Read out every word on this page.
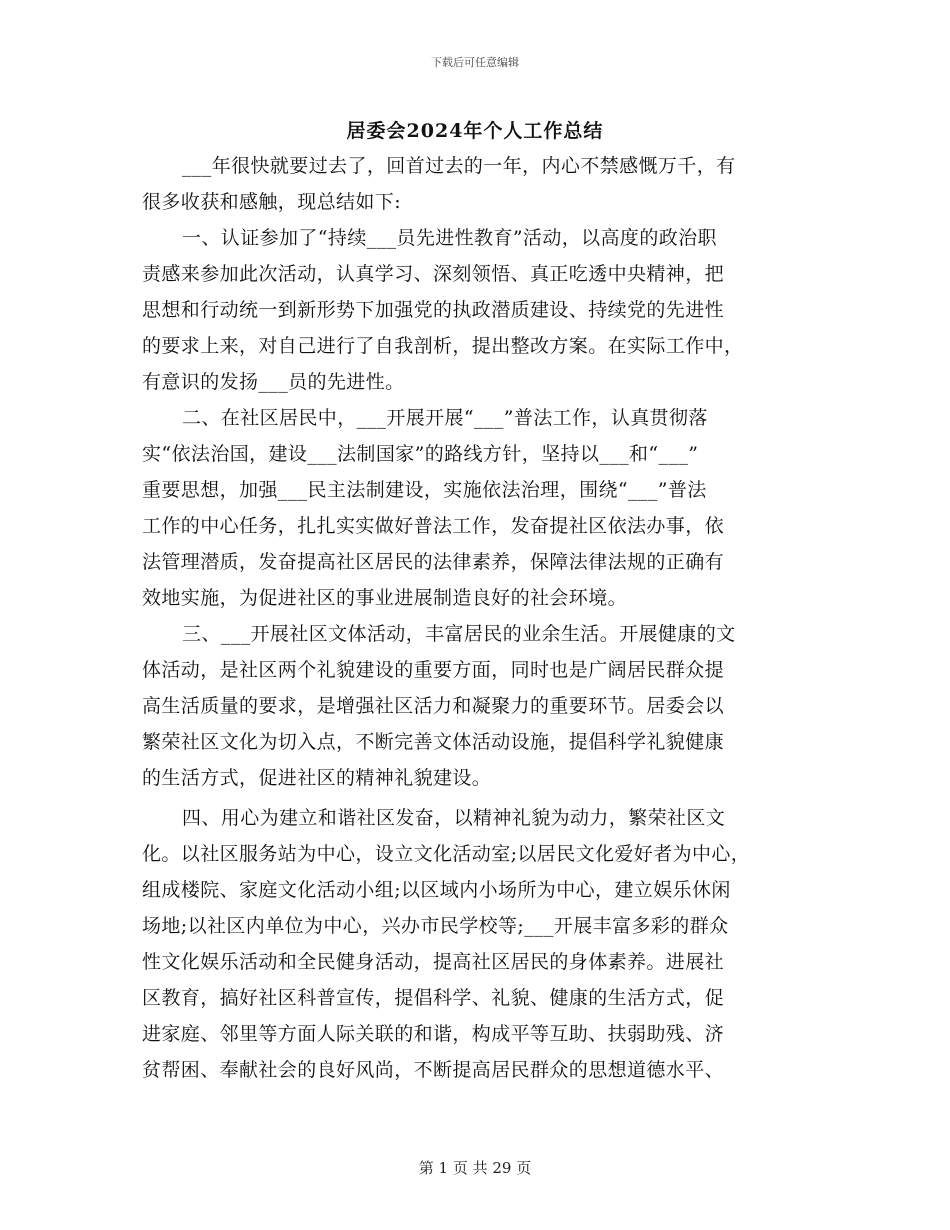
下载后可任意编辑
居委会2024年个人工作总结
___年很快就要过去了，回首过去的一年，内心不禁感慨万千，有
很多收获和感触，现总结如下:
一、认证参加了“持续___员先进性教育”活动，以高度的政治职
责感来参加此次活动，认真学习、深刻领悟、真正吃透中央精神，把
思想和行动统一到新形势下加强党的执政潜质建设、持续党的先进性
的要求上来，对自己进行了自我剖析，提出整改方案。在实际工作中，
有意识的发扬___员的先进性。
二、在社区居民中，___开展开展“___”普法工作，认真贯彻落
实“依法治国，建设___法制国家”的路线方针，坚持以___和“___”
重要思想，加强___民主法制建设，实施依法治理，围绕“___”普法
工作的中心任务，扎扎实实做好普法工作，发奋提社区依法办事，依
法管理潜质，发奋提高社区居民的法律素养，保障法律法规的正确有
效地实施，为促进社区的事业进展制造良好的社会环境。
三、___开展社区文体活动，丰富居民的业余生活。开展健康的文
体活动，是社区两个礼貌建设的重要方面，同时也是广阔居民群众提
高生活质量的要求，是增强社区活力和凝聚力的重要环节。居委会以
繁荣社区文化为切入点，不断完善文体活动设施，提倡科学礼貌健康
的生活方式，促进社区的精神礼貌建设。
四、用心为建立和谐社区发奋，以精神礼貌为动力，繁荣社区文
化。以社区服务站为中心，设立文化活动室;以居民文化爱好者为中心，
组成楼院、家庭文化活动小组;以区域内小场所为中心，建立娱乐休闲
场地;以社区内单位为中心，兴办市民学校等;___开展丰富多彩的群众
性文化娱乐活动和全民健身活动，提高社区居民的身体素养。进展社
区教育，搞好社区科普宣传，提倡科学、礼貌、健康的生活方式，促
进家庭、邻里等方面人际关联的和谐，构成平等互助、扶弱助残、济
贫帮困、奉献社会的良好风尚，不断提高居民群众的思想道德水平、
第 1 页 共 29 页
